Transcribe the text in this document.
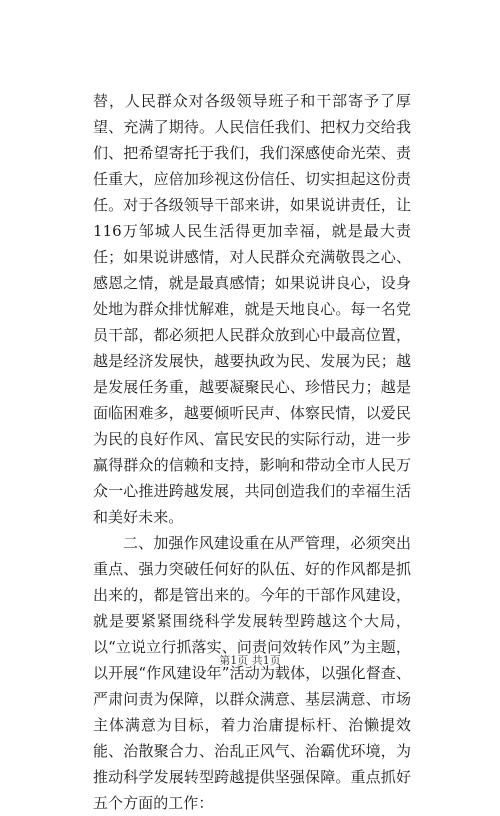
替，人民群众对各级领导班子和干部寄予了厚望、充满了期待。人民信任我们、把权力交给我们、把希望寄托于我们，我们深感使命光荣、责任重大，应倍加珍视这份信任、切实担起这份责任。对于各级领导干部来讲，如果说讲责任，让116万邹城人民生活得更加幸福，就是最大责任；如果说讲感情，对人民群众充满敬畏之心、感恩之情，就是最真感情；如果说讲良心，设身处地为群众排忧解难，就是天地良心。每一名党员干部，都必须把人民群众放到心中最高位置，越是经济发展快，越要执政为民、发展为民；越是发展任务重，越要凝聚民心、珍惜民力；越是面临困难多，越要倾听民声、体察民情，以爱民为民的良好作风、富民安民的实际行动，进一步赢得群众的信赖和支持，影响和带动全市人民万众一心推进跨越发展，共同创造我们的幸福生活和美好未来。

二、加强作风建设重在从严管理，必须突出重点、强力突破任何好的队伍、好的作风都是抓出来的，都是管出来的。今年的干部作风建设，就是要紧紧围绕科学发展转型跨越这个大局，以“立说立行抓落实、问责问效转作风”为主题，以开展“作风建设年”活动为载体，以强化督查、严肃问责为保障，以群众满意、基层满意、市场主体满意为目标，着力治庸提标杆、治懒提效能、治散聚合力、治乱正风气、治霸优环境，为推动科学发展转型跨越提供坚强保障。重点抓好五个方面的工作：

第1页 共1页
